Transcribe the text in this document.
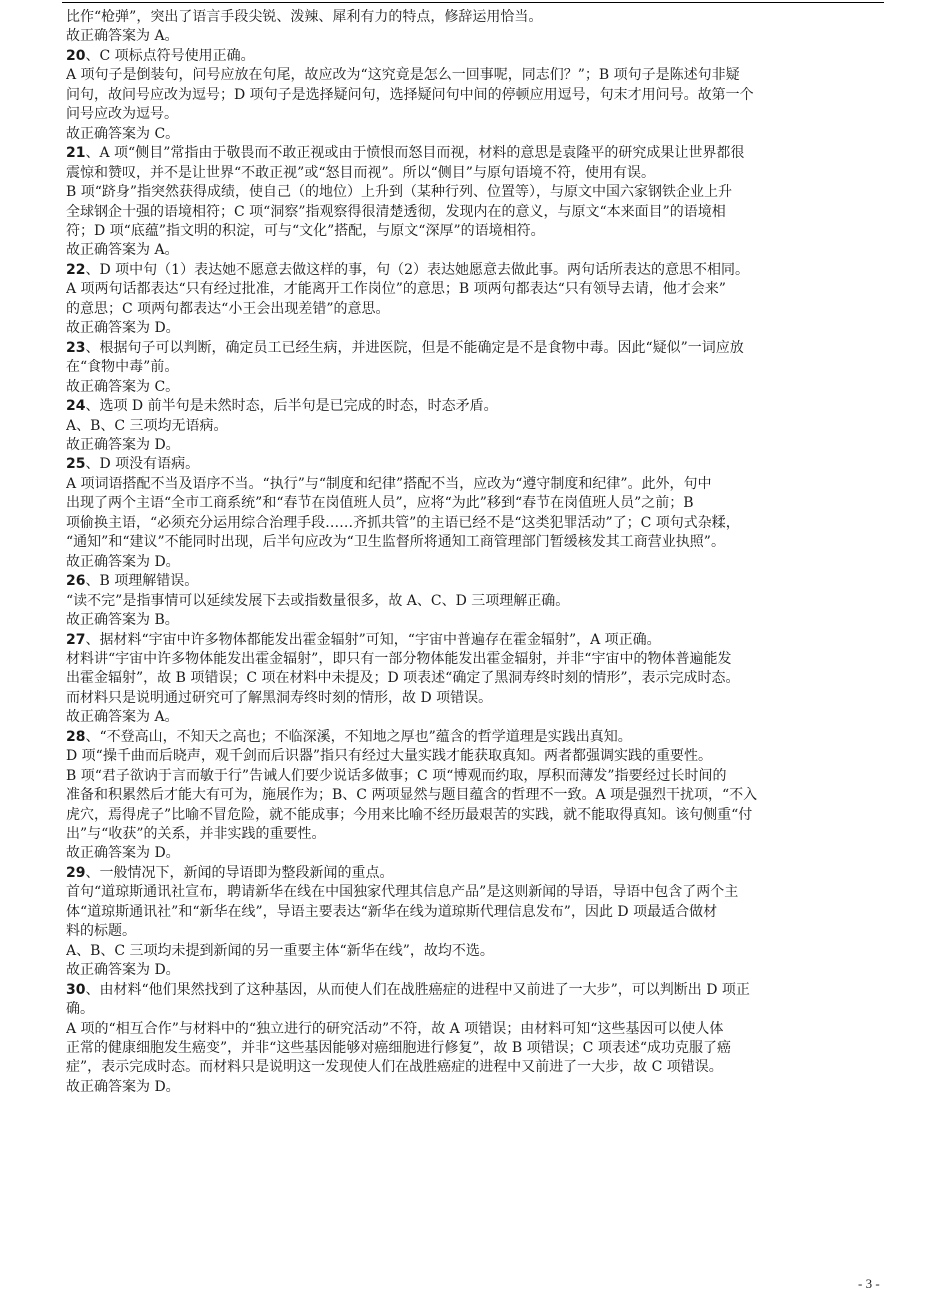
比作“枪弹”，突出了语言手段尖锐、泼辣、犀利有力的特点，修辞运用恰当。
故正确答案为 A。
20、C 项标点符号使用正确。
A 项句子是倒装句，问号应放在句尾，故应改为“这究竟是怎么一回事呢，同志们？”；B 项句子是陈述句非疑
问句，故问号应改为逗号；D 项句子是选择疑问句，选择疑问句中间的停顿应用逗号，句末才用问号。故第一个
问号应改为逗号。
故正确答案为 C。
21、A 项“侧目”常指由于敬畏而不敢正视或由于愤恨而怒目而视，材料的意思是袁隆平的研究成果让世界都很
震惊和赞叹，并不是让世界“不敢正视”或“怒目而视”。所以“侧目”与原句语境不符，使用有误。
B 项“跻身”指突然获得成绩，使自己（的地位）上升到（某种行列、位置等），与原文中国六家钢铁企业上升
全球钢企十强的语境相符；C 项“洞察”指观察得很清楚透彻，发现内在的意义，与原文“本来面目”的语境相
符；D 项“底蕴”指文明的积淀，可与“文化”搭配，与原文“深厚”的语境相符。
故正确答案为 A。
22、D 项中句（1）表达她不愿意去做这样的事，句（2）表达她愿意去做此事。两句话所表达的意思不相同。
A 项两句话都表达“只有经过批准，才能离开工作岗位”的意思；B 项两句都表达“只有领导去请，他才会来”
的意思；C 项两句都表达“小王会出现差错”的意思。
故正确答案为 D。
23、根据句子可以判断，确定员工已经生病，并进医院，但是不能确定是不是食物中毒。因此“疑似”一词应放
在“食物中毒”前。
故正确答案为 C。
24、选项 D 前半句是未然时态，后半句是已完成的时态，时态矛盾。
A、B、C 三项均无语病。
故正确答案为 D。
25、D 项没有语病。
A 项词语搭配不当及语序不当。“执行”与“制度和纪律”搭配不当，应改为“遵守制度和纪律”。此外，句中
出现了两个主语“全市工商系统”和“春节在岗值班人员”，应将“为此”移到“春节在岗值班人员”之前；B
项偷换主语，“必须充分运用综合治理手段……齐抓共管”的主语已经不是“这类犯罪活动”了；C 项句式杂糅，
“通知”和“建议”不能同时出现，后半句应改为“卫生监督所将通知工商管理部门暂缓核发其工商营业执照”。
故正确答案为 D。
26、B 项理解错误。
“读不完”是指事情可以延续发展下去或指数量很多，故 A、C、D 三项理解正确。
故正确答案为 B。
27、据材料“宇宙中许多物体都能发出霍金辐射”可知，“宇宙中普遍存在霍金辐射”，A 项正确。
材料讲“宇宙中许多物体能发出霍金辐射”，即只有一部分物体能发出霍金辐射，并非“宇宙中的物体普遍能发
出霍金辐射”，故 B 项错误；C 项在材料中未提及；D 项表述“确定了黑洞寿终时刻的情形”，表示完成时态。
而材料只是说明通过研究可了解黑洞寿终时刻的情形，故 D 项错误。
故正确答案为 A。
28、“不登高山，不知天之高也；不临深溪，不知地之厚也”蕴含的哲学道理是实践出真知。
D 项“操千曲而后晓声，观千剑而后识器”指只有经过大量实践才能获取真知。两者都强调实践的重要性。
B 项“君子欲讷于言而敏于行”告诫人们要少说话多做事；C 项“博观而约取，厚积而薄发”指要经过长时间的
准备和积累然后才能大有可为，施展作为；B、C 两项显然与题目蕴含的哲理不一致。A 项是强烈干扰项，“不入
虎穴，焉得虎子”比喻不冒危险，就不能成事；今用来比喻不经历最艰苦的实践，就不能取得真知。该句侧重“付
出”与“收获”的关系，并非实践的重要性。
故正确答案为 D。
29、一般情况下，新闻的导语即为整段新闻的重点。
首句“道琼斯通讯社宣布，聘请新华在线在中国独家代理其信息产品”是这则新闻的导语，导语中包含了两个主
体“道琼斯通讯社”和“新华在线”，导语主要表达“新华在线为道琼斯代理信息发布”，因此 D 项最适合做材
料的标题。
A、B、C 三项均未提到新闻的另一重要主体“新华在线”，故均不选。
故正确答案为 D。
30、由材料“他们果然找到了这种基因，从而使人们在战胜癌症的进程中又前进了一大步”，可以判断出 D 项正
确。
A 项的“相互合作”与材料中的“独立进行的研究活动”不符，故 A 项错误；由材料可知“这些基因可以使人体
正常的健康细胞发生癌变”，并非“这些基因能够对癌细胞进行修复”，故 B 项错误；C 项表述“成功克服了癌
症”，表示完成时态。而材料只是说明这一发现使人们在战胜癌症的进程中又前进了一大步，故 C 项错误。
故正确答案为 D。
- 3 -
